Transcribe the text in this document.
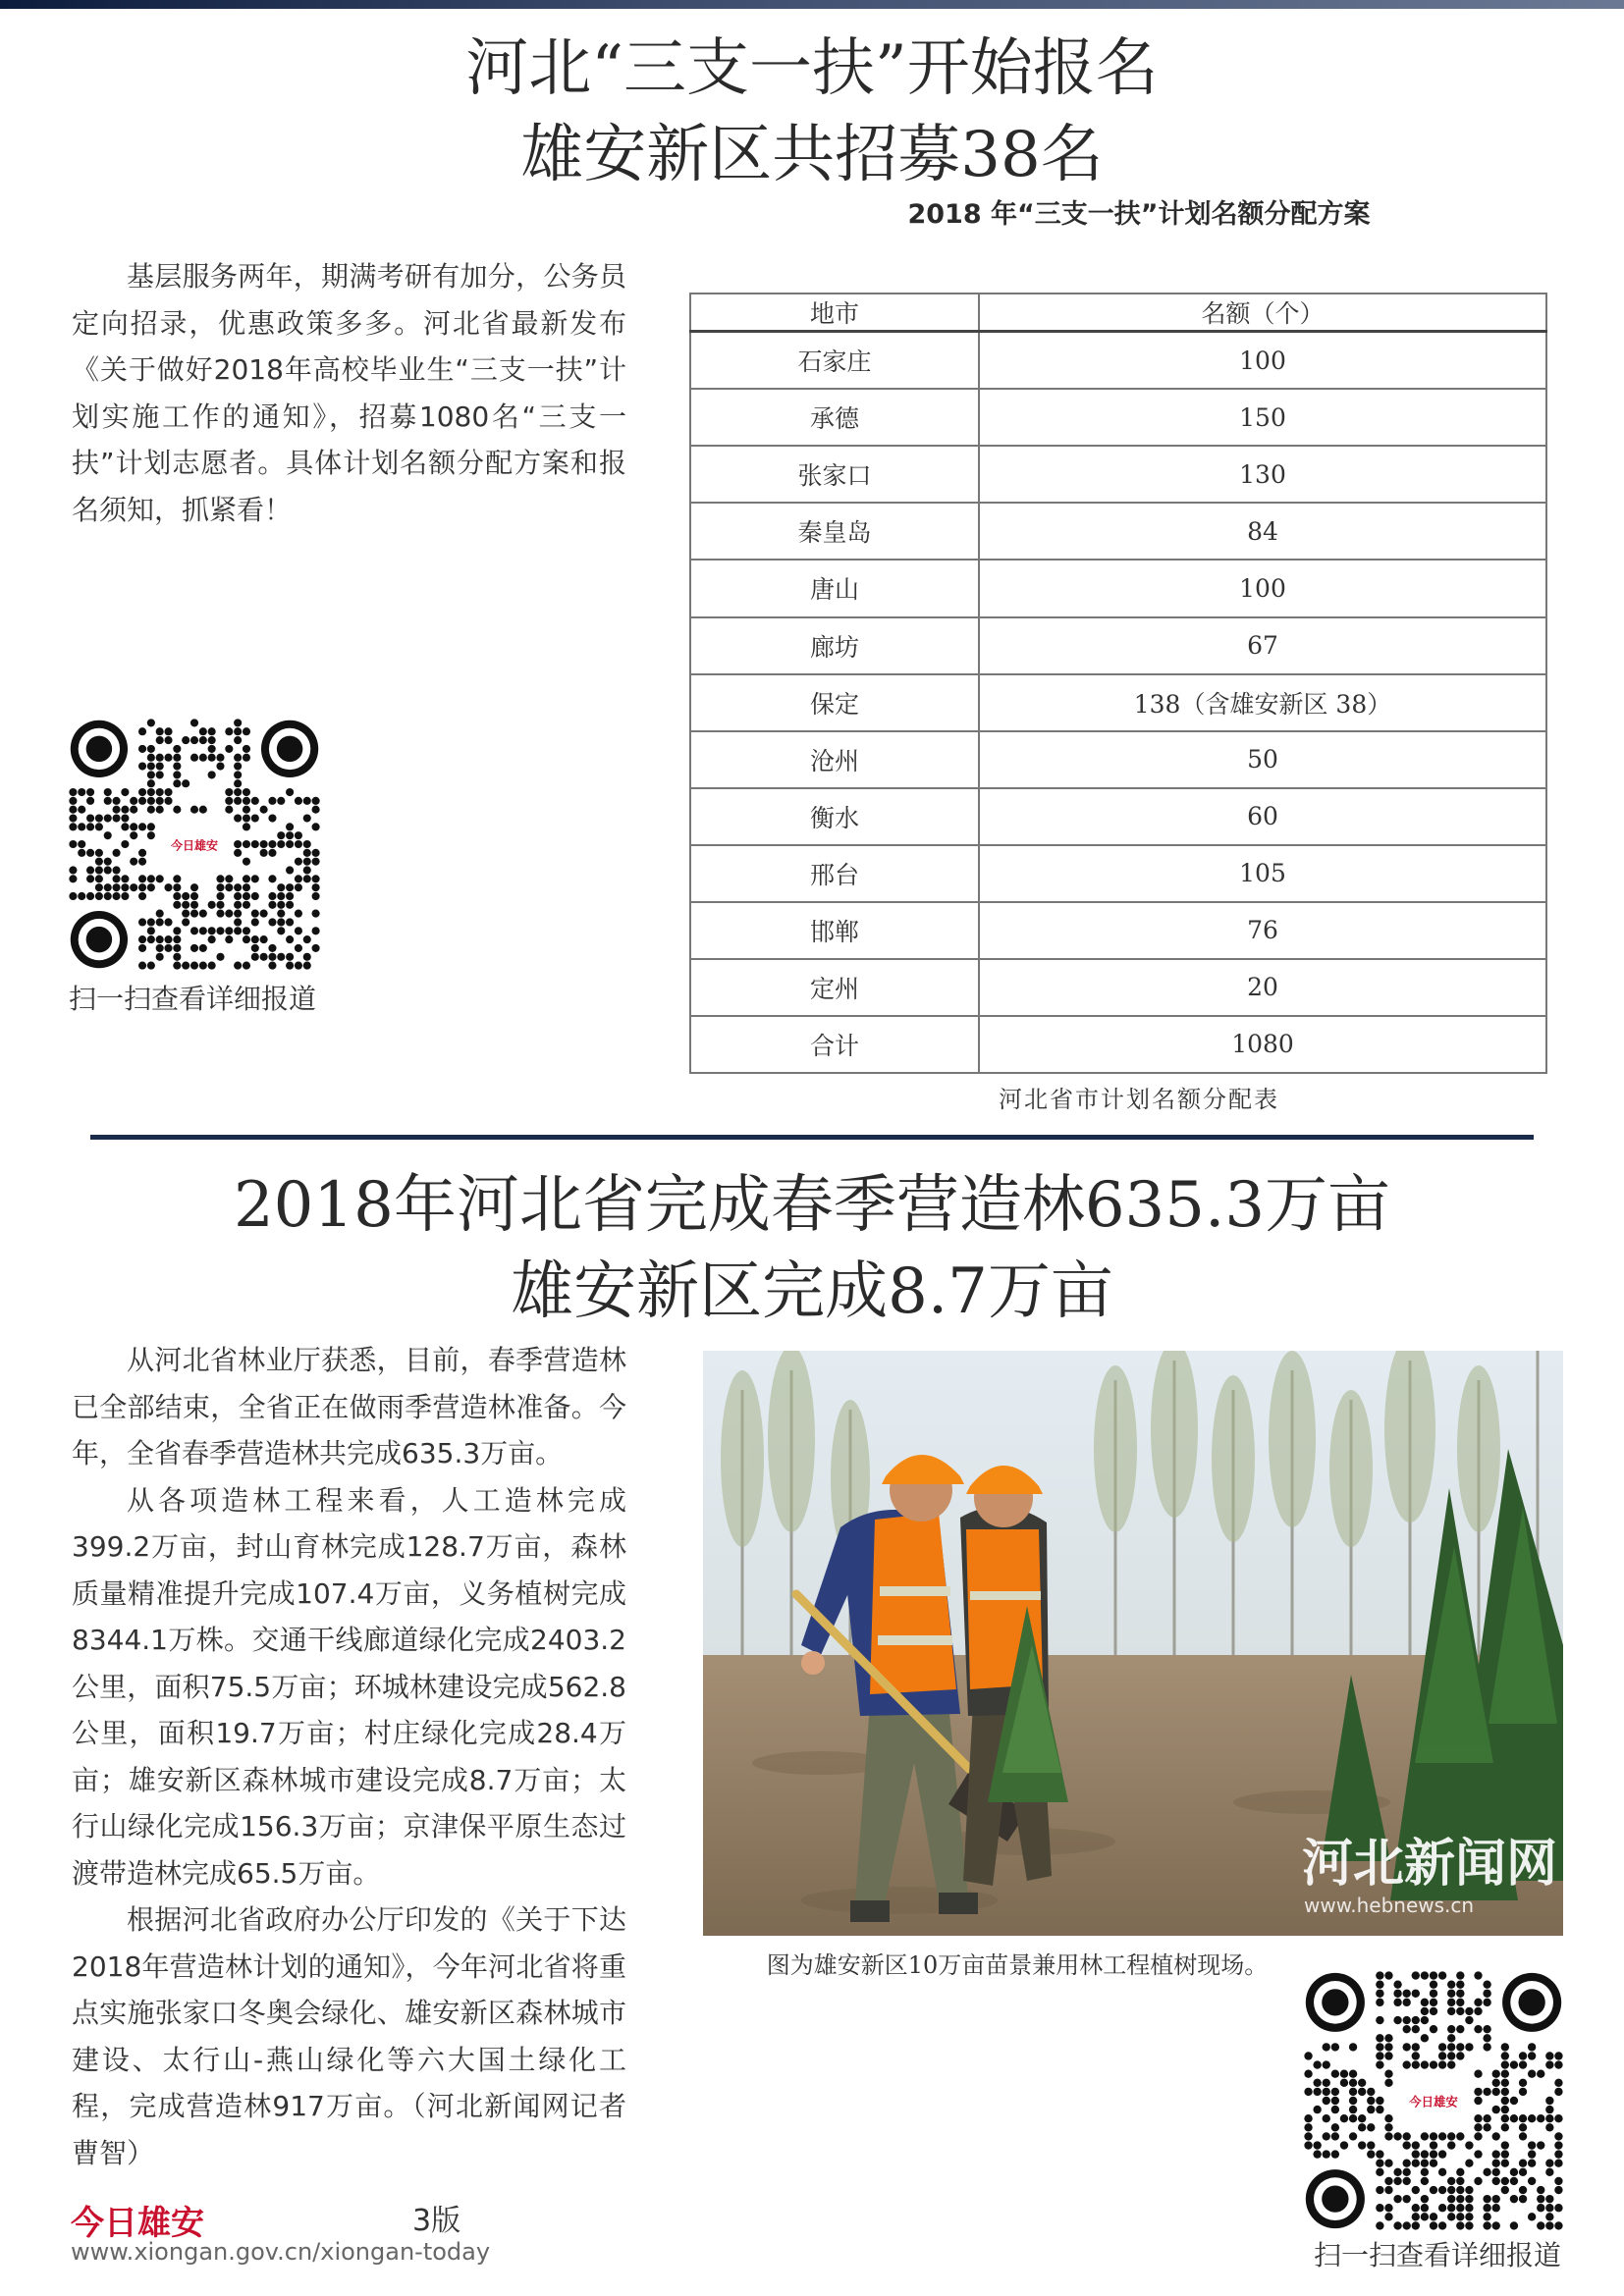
河北“三支一扶”开始报名
雄安新区共招募38名
2018 年“三支一扶”计划名额分配方案

基层服务两年，期满考研有加分，公务员定向招录，优惠政策多多。河北省最新发布《关于做好2018年高校毕业生“三支一扶”计划实施工作的通知》，招募1080名“三支一扶”计划志愿者。具体计划名额分配方案和报名须知，抓紧看！

地市	名额（个）
石家庄	100
承德	150
张家口	130
秦皇岛	84
唐山	100
廊坊	67
保定	138（含雄安新区 38）
沧州	50
衡水	60
邢台	105
邯郸	76
定州	20
合计	1080
河北省市计划名额分配表
今日雄安
扫一扫查看详细报道
2018年河北省完成春季营造林635.3万亩
雄安新区完成8.7万亩

从河北省林业厅获悉，目前，春季营造林已全部结束，全省正在做雨季营造林准备。今年，全省春季营造林共完成635.3万亩。

从各项造林工程来看，人工造林完成399.2万亩，封山育林完成128.7万亩，森林质量精准提升完成107.4万亩，义务植树完成8344.1万株。交通干线廊道绿化完成2403.2公里，面积75.5万亩；环城林建设完成562.8公里，面积19.7万亩；村庄绿化完成28.4万亩；雄安新区森林城市建设完成8.7万亩；太行山绿化完成156.3万亩；京津保平原生态过渡带造林完成65.5万亩。

根据河北省政府办公厅印发的《关于下达2018年营造林计划的通知》，今年河北省将重点实施张家口冬奥会绿化、雄安新区森林城市建设、太行山-燕山绿化等六大国土绿化工程，完成营造林917万亩。（河北新闻网记者 曹智）

河北新闻网
www.hebnews.cn
图为雄安新区10万亩苗景兼用林工程植树现场。
今日雄安
扫一扫查看详细报道
今日雄安	3版
www.xiongan.gov.cn/xiongan-today
